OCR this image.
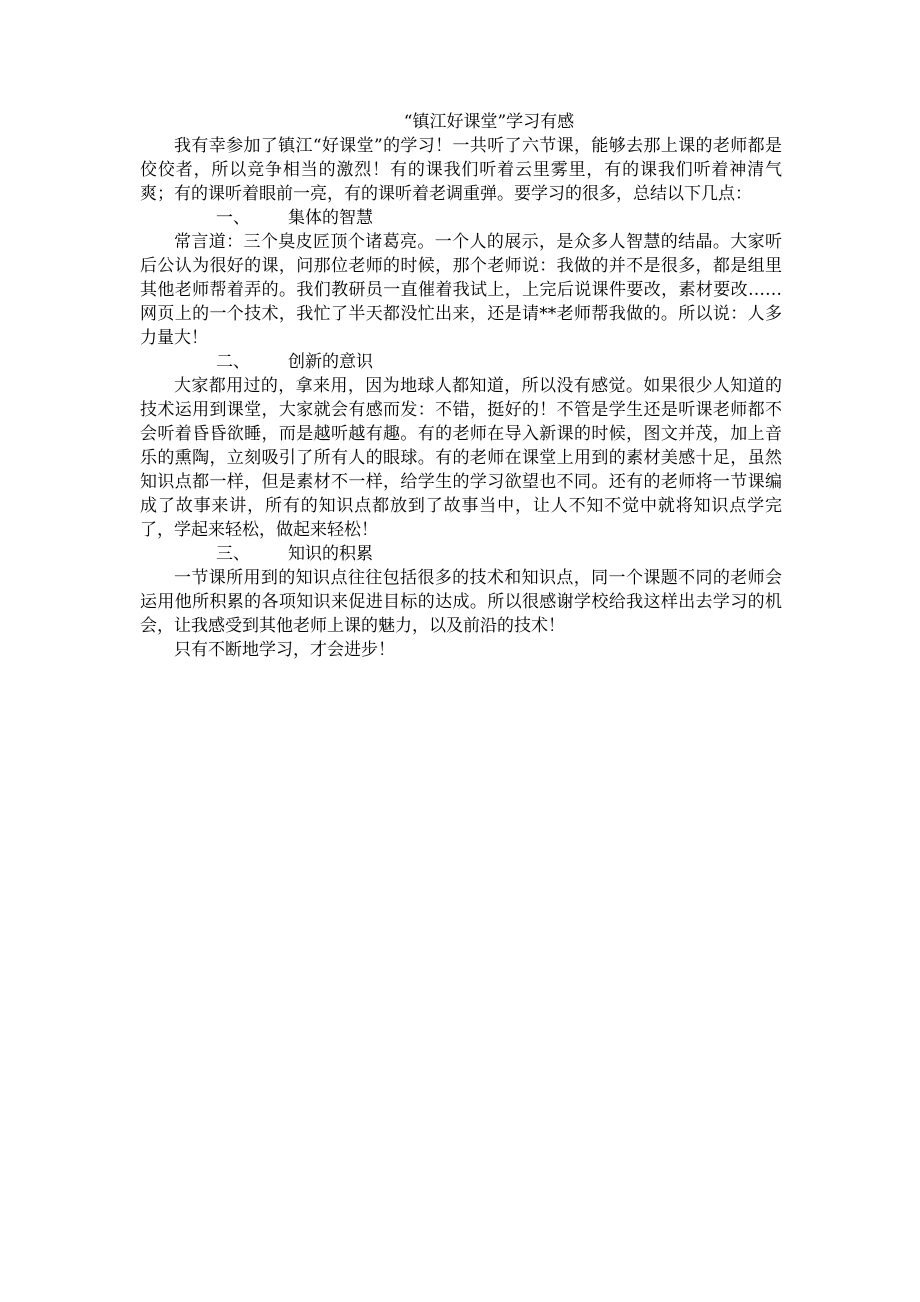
“镇江好课堂”学习有感

我有幸参加了镇江“好课堂”的学习！一共听了六节课，能够去那上课的老师都是佼佼者，所以竞争相当的激烈！有的课我们听着云里雾里，有的课我们听着神清气爽；有的课听着眼前一亮，有的课听着老调重弹。要学习的很多，总结以下几点：

一、 集体的智慧

常言道：三个臭皮匠顶个诸葛亮。一个人的展示，是众多人智慧的结晶。大家听后公认为很好的课，问那位老师的时候，那个老师说：我做的并不是很多，都是组里其他老师帮着弄的。我们教研员一直催着我试上，上完后说课件要改，素材要改……网页上的一个技术，我忙了半天都没忙出来，还是请**老师帮我做的。所以说：人多力量大！

二、 创新的意识

大家都用过的，拿来用，因为地球人都知道，所以没有感觉。如果很少人知道的技术运用到课堂，大家就会有感而发：不错，挺好的！不管是学生还是听课老师都不会听着昏昏欲睡，而是越听越有趣。有的老师在导入新课的时候，图文并茂，加上音乐的熏陶，立刻吸引了所有人的眼球。有的老师在课堂上用到的素材美感十足，虽然知识点都一样，但是素材不一样，给学生的学习欲望也不同。还有的老师将一节课编成了故事来讲，所有的知识点都放到了故事当中，让人不知不觉中就将知识点学完了，学起来轻松，做起来轻松！

三、 知识的积累

一节课所用到的知识点往往包括很多的技术和知识点，同一个课题不同的老师会运用他所积累的各项知识来促进目标的达成。所以很感谢学校给我这样出去学习的机会，让我感受到其他老师上课的魅力，以及前沿的技术！

只有不断地学习，才会进步！
